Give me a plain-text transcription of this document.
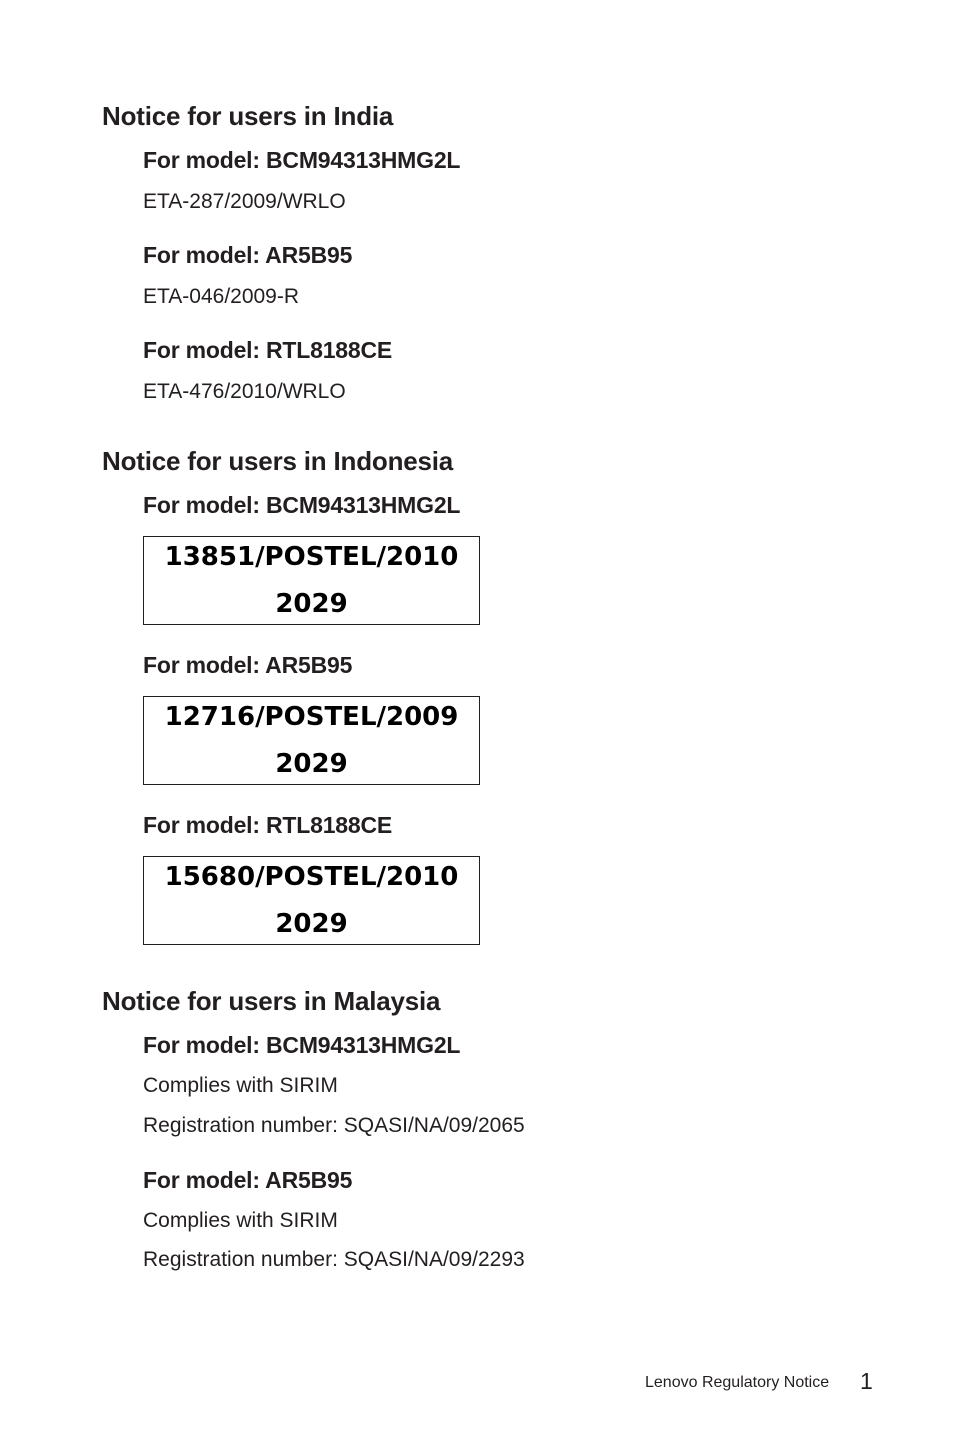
Notice for users in India
For model: BCM94313HMG2L

ETA-287/2009/WRLO

For model: AR5B95

ETA-046/2009-R

For model: RTL8188CE

ETA-476/2010/WRLO

Notice for users in Indonesia
For model: BCM94313HMG2L
13851/POSTEL/2010
2029
For model: AR5B95
12716/POSTEL/2009
2029
For model: RTL8188CE
15680/POSTEL/2010
2029
Notice for users in Malaysia
For model: BCM94313HMG2L

Complies with SIRIM

Registration number: SQASI/NA/09/2065

For model: AR5B95

Complies with SIRIM

Registration number: SQASI/NA/09/2293

Lenovo Regulatory Notice 1
